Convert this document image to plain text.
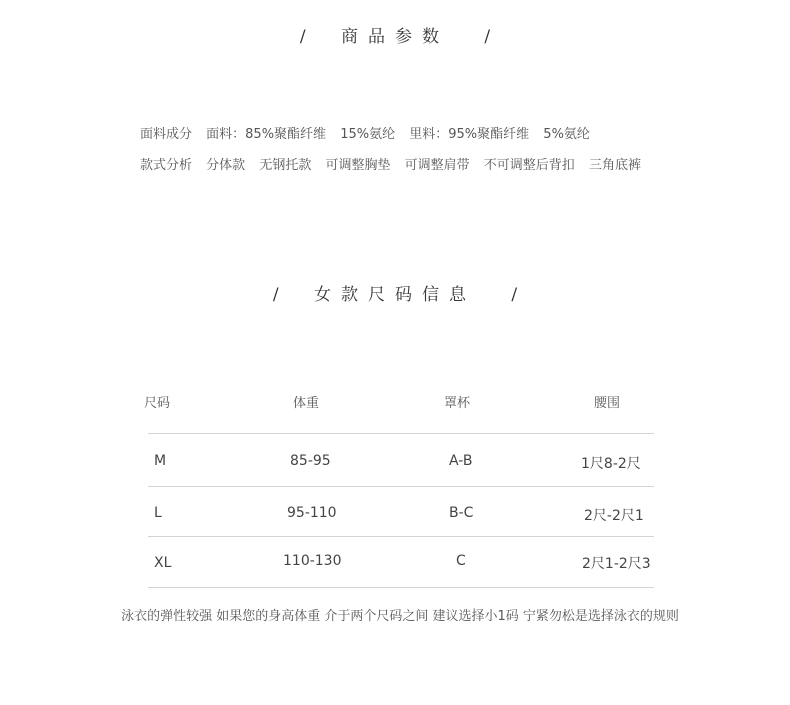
/ 商品参数 /
面料成分 面料：85%聚酯纤维 15%氨纶 里料：95%聚酯纤维 5%氨纶
款式分析 分体款 无钢托款 可调整胸垫 可调整肩带 不可调整后背扣 三角底裤
/ 女款尺码信息 /
尺码	体重	罩杯	腰围
M	85-95	A-B	1尺8-2尺
L	95-110	B-C	2尺-2尺1
XL	110-130	C	2尺1-2尺3
泳衣的弹性较强 如果您的身高体重 介于两个尺码之间 建议选择小1码 宁紧勿松是选择泳衣的规则
